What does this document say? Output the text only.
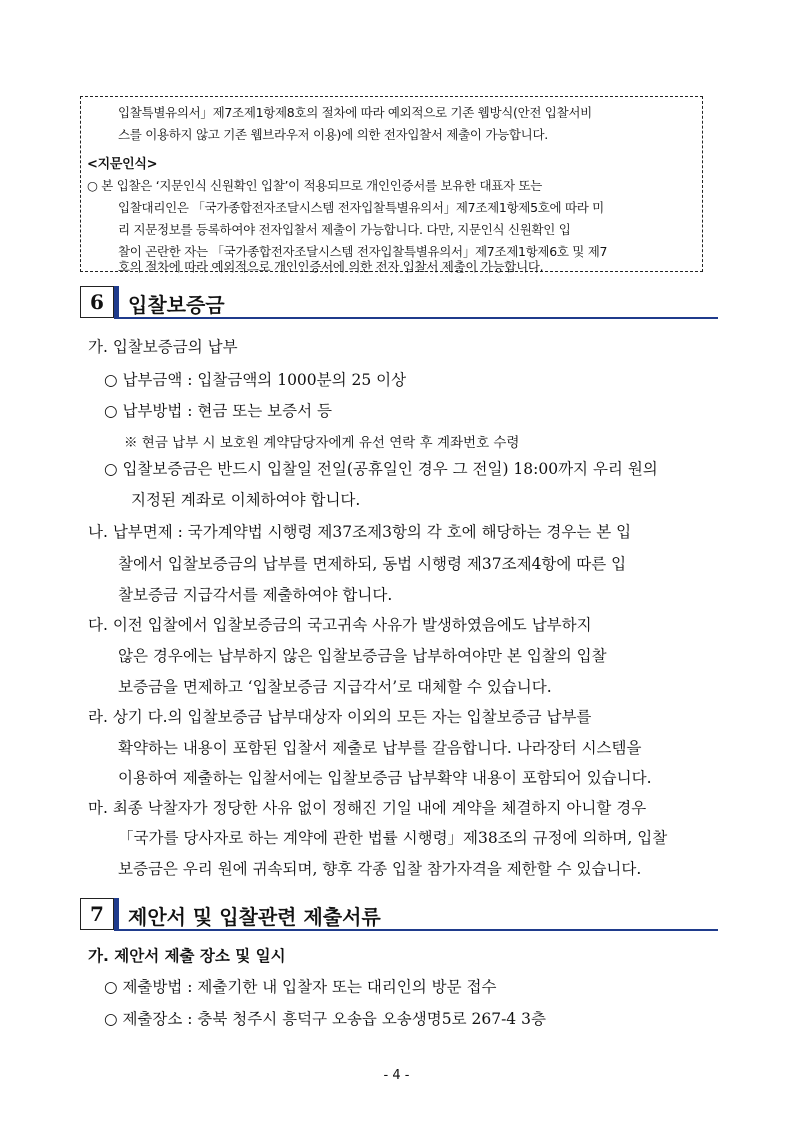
입찰특별유의서」제7조제1항제8호의 절차에 따라 예외적으로 기존 웹방식(안전 입찰서비
스를 이용하지 않고 기존 웹브라우저 이용)에 의한 전자입찰서 제출이 가능합니다.
<지문인식>
○ 본 입찰은 ‘지문인식 신원확인 입찰’이 적용되므로 개인인증서를 보유한 대표자 또는
입찰대리인은 「국가종합전자조달시스템 전자입찰특별유의서」제7조제1항제5호에 따라 미
리 지문정보를 등록하여야 전자입찰서 제출이 가능합니다. 다만, 지문인식 신원확인 입
찰이 곤란한 자는 「국가종합전자조달시스템 전자입찰특별유의서」제7조제1항제6호 및 제7
호의 절차에 따라 예외적으로 개인인증서에 의한 전자 입찰서 제출이 가능합니다.
6	입찰보증금
가. 입찰보증금의 납부
○ 납부금액 : 입찰금액의 1000분의 25 이상
○ 납부방법 : 현금 또는 보증서 등
※ 현금 납부 시 보호원 계약담당자에게 유선 연락 후 계좌번호 수령
○ 입찰보증금은 반드시 입찰일 전일(공휴일인 경우 그 전일) 18:00까지 우리 원의
지정된 계좌로 이체하여야 합니다.
나. 납부면제 : 국가계약법 시행령 제37조제3항의 각 호에 해당하는 경우는 본 입
찰에서 입찰보증금의 납부를 면제하되, 동법 시행령 제37조제4항에 따른 입
찰보증금 지급각서를 제출하여야 합니다.
다. 이전 입찰에서 입찰보증금의 국고귀속 사유가 발생하였음에도 납부하지
않은 경우에는 납부하지 않은 입찰보증금을 납부하여야만 본 입찰의 입찰
보증금을 면제하고 ‘입찰보증금 지급각서’로 대체할 수 있습니다.
라. 상기 다.의 입찰보증금 납부대상자 이외의 모든 자는 입찰보증금 납부를
확약하는 내용이 포함된 입찰서 제출로 납부를 갈음합니다. 나라장터 시스템을
이용하여 제출하는 입찰서에는 입찰보증금 납부확약 내용이 포함되어 있습니다.
마. 최종 낙찰자가 정당한 사유 없이 정해진 기일 내에 계약을 체결하지 아니할 경우
「국가를 당사자로 하는 계약에 관한 법률 시행령」제38조의 규정에 의하며, 입찰
보증금은 우리 원에 귀속되며, 향후 각종 입찰 참가자격을 제한할 수 있습니다.
7	제안서 및 입찰관련 제출서류
가. 제안서 제출 장소 및 일시
○ 제출방법 : 제출기한 내 입찰자 또는 대리인의 방문 접수
○ 제출장소 : 충북 청주시 흥덕구 오송읍 오송생명5로 267-4 3층
- 4 -
